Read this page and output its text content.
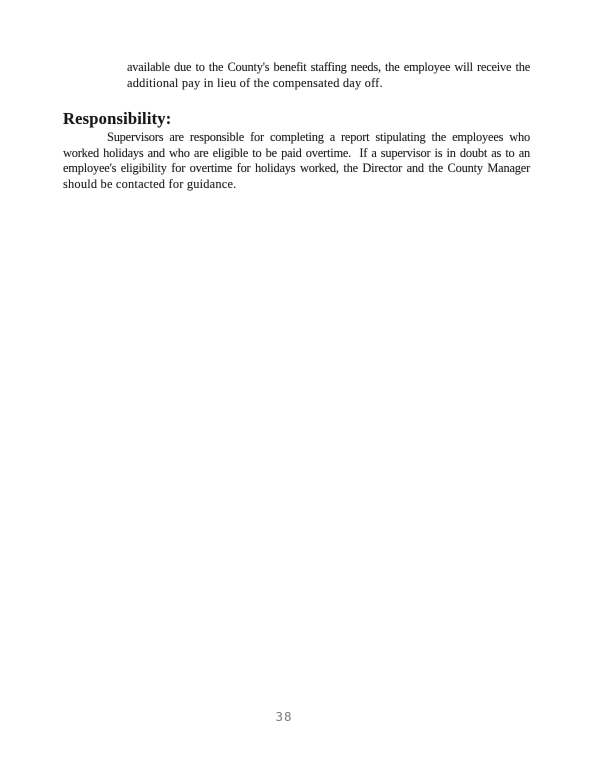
available due to the County's benefit staffing needs, the employee will receive the
additional pay in lieu of the compensated day off.
Responsibility:
Supervisors are responsible for completing a report stipulating the employees who
worked holidays and who are eligible to be paid overtime.  If a supervisor is in doubt as to an
employee's eligibility for overtime for holidays worked, the Director and the County Manager
should be contacted for guidance.
38
